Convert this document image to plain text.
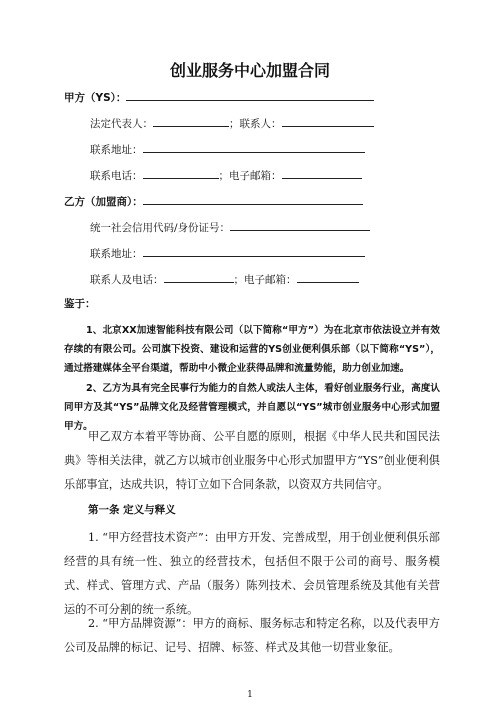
创业服务中心加盟合同
甲方（YS）：
法定代表人：	；联系人：
联系地址：
联系电话：	；电子邮箱：
乙方（加盟商）：
统一社会信用代码/身份证号：
联系地址：
联系人及电话：	；电子邮箱：
鉴于：
1、北京XX加速智能科技有限公司（以下简称“甲方”）为在北京市依法设立并有效存续的有限公司。公司旗下投资、建设和运营的YS创业便利俱乐部（以下简称“YS”），通过搭建媒体全平台渠道，帮助中小微企业获得品牌和流量势能，助力创业加速。
2、乙方为具有完全民事行为能力的自然人或法人主体，看好创业服务行业，高度认同甲方及其“YS”品牌文化及经营管理模式，并自愿以“YS”城市创业服务中心形式加盟甲方。
甲乙双方本着平等协商、公平自愿的原则，根据《中华人民共和国民法典》等相关法律，就乙方以城市创业服务中心形式加盟甲方“YS”创业便利俱乐部事宜，达成共识，特订立如下合同条款，以资双方共同信守。
第一条 定义与释义
1. “甲方经营技术资产”：由甲方开发、完善成型，用于创业便利俱乐部经营的具有统一性、独立的经营技术，包括但不限于公司的商号、服务模式、样式、管理方式、产品（服务）陈列技术、会员管理系统及其他有关营运的不可分割的统一系统。
2. “甲方品牌资源”：甲方的商标、服务标志和特定名称，以及代表甲方公司及品牌的标记、记号、招牌、标签、样式及其他一切营业象征。
1
